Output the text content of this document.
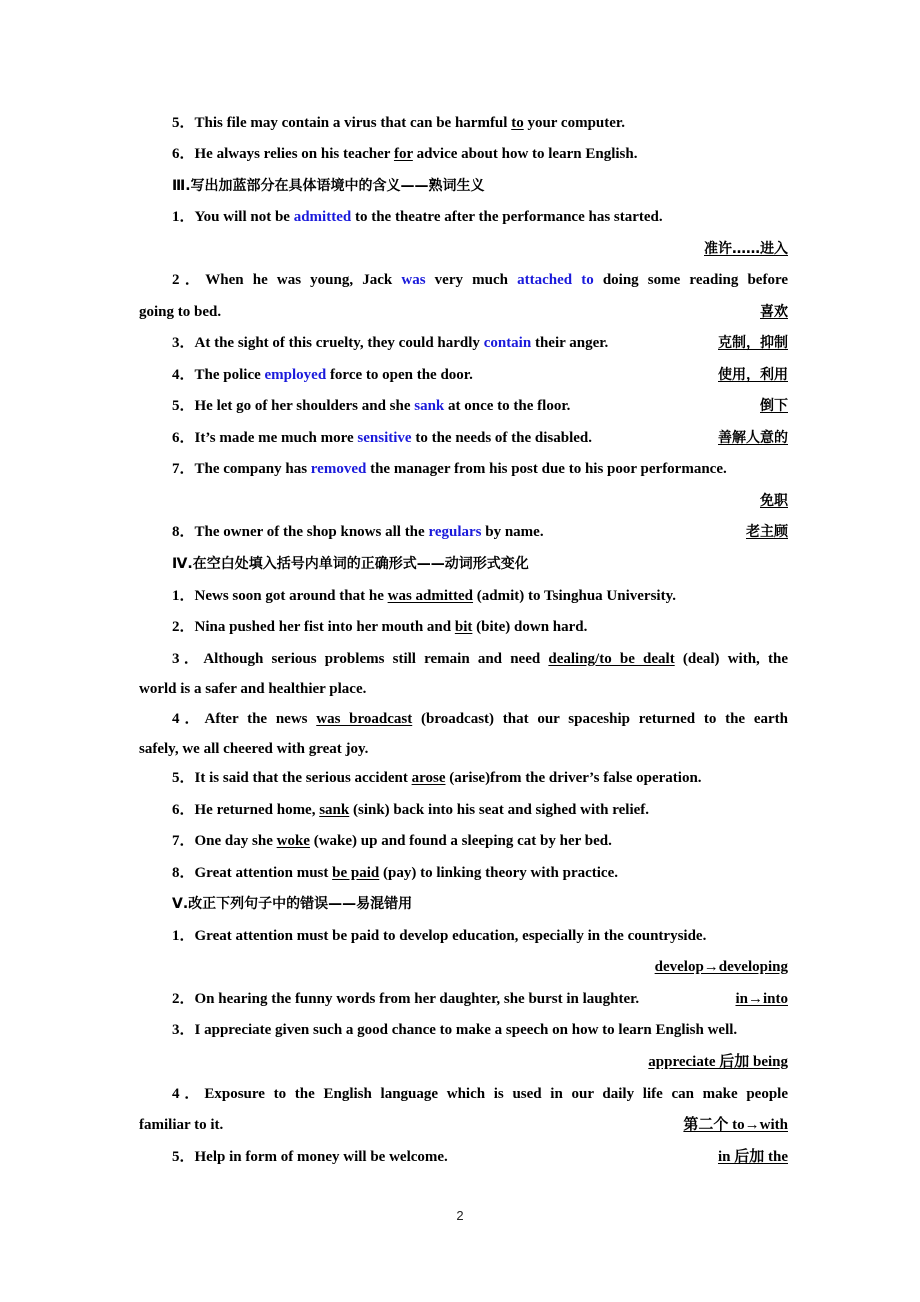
5．This file may contain a virus that can be harmful to your computer.
6．He always relies on his teacher for advice about how to learn English.
Ⅲ.写出加蓝部分在具体语境中的含义——熟词生义
1．You will not be admitted to the theatre after the performance has started.
准许……进入
2．When he was young, Jack was very much attached to doing some reading before
going to bed.	喜欢
3．At the sight of this cruelty, they could hardly contain their anger.	克制，抑制
4．The police employed force to open the door.	使用，利用
5．He let go of her shoulders and she sank at once to the floor.	倒下
6．It’s made me much more sensitive to the needs of the disabled.	善解人意的
7．The company has removed the manager from his post due to his poor performance.
免职
8．The owner of the shop knows all the regulars by name.	老主顾
Ⅳ.在空白处填入括号内单词的正确形式——动词形式变化
1．News soon got around that he was admitted (admit) to Tsinghua University.
2．Nina pushed her fist into her mouth and bit (bite) down hard.
3．Although serious problems still remain and need dealing/to be dealt (deal) with, the
world is a safer and healthier place.
4．After the news was broadcast (broadcast) that our spaceship returned to the earth
safely, we all cheered with great joy.
5．It is said that the serious accident arose (arise)from the driver’s false operation.
6．He returned home, sank (sink) back into his seat and sighed with relief.
7．One day she woke (wake) up and found a sleeping cat by her bed.
8．Great attention must be paid (pay) to linking theory with practice.
Ⅴ.改正下列句子中的错误——易混错用
1．Great attention must be paid to develop education, especially in the countryside.
develop→developing
2．On hearing the funny words from her daughter, she burst in laughter.	in→into
3．I appreciate given such a good chance to make a speech on how to learn English well.
appreciate 后加 being
4．Exposure to the English language which is used in our daily life can make people
familiar to it.	第二个 to→with
5．Help in form of money will be welcome.	in 后加 the
2
